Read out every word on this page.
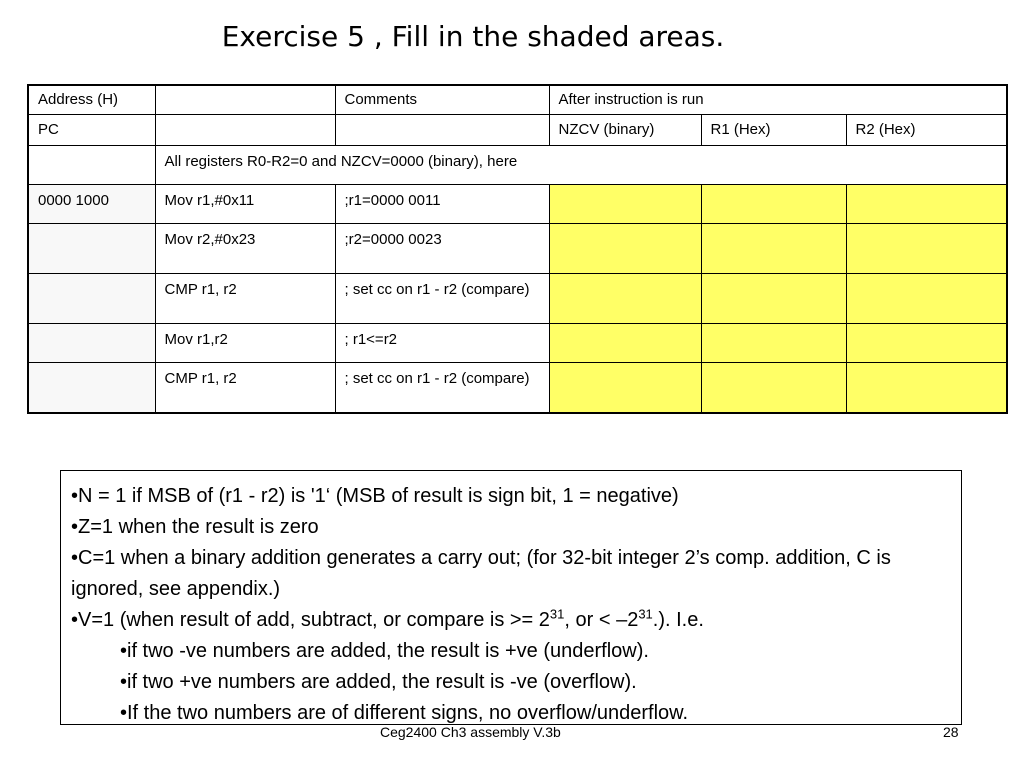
Exercise 5 , Fill in the shaded areas.
Address (H)		Comments	After instruction is run		
PC			NZCV (binary)	R1 (Hex)	R2 (Hex)
	All registers R0-R2=0 and NZCV=0000 (binary), here				
0000 1000	Mov r1,#0x11	;r1=0000 0011			
	Mov r2,#0x23	;r2=0000 0023			
	CMP r1, r2	; set cc on r1 - r2 (compare)			
	Mov r1,r2	; r1<=r2			
	CMP r1, r2	; set cc on r1 - r2 (compare)			
•N = 1 if MSB of (r1 - r2) is '1‘ (MSB of result is sign bit, 1 = negative)
•Z=1 when the result is zero
•C=1 when a binary addition generates a carry out; (for 32-bit integer 2’s comp. addition, C is ignored, see appendix.)
•V=1 (when result of add, subtract, or compare is >= $2^{31}$, or < $-2^{31}$.). I.e.
•if two -ve numbers are added, the result is +ve (underflow).
•if two +ve numbers are added, the result is -ve (overflow).
•If the two numbers are of different signs, no overflow/underflow.
Ceg2400 Ch3 assembly V.3b	28
